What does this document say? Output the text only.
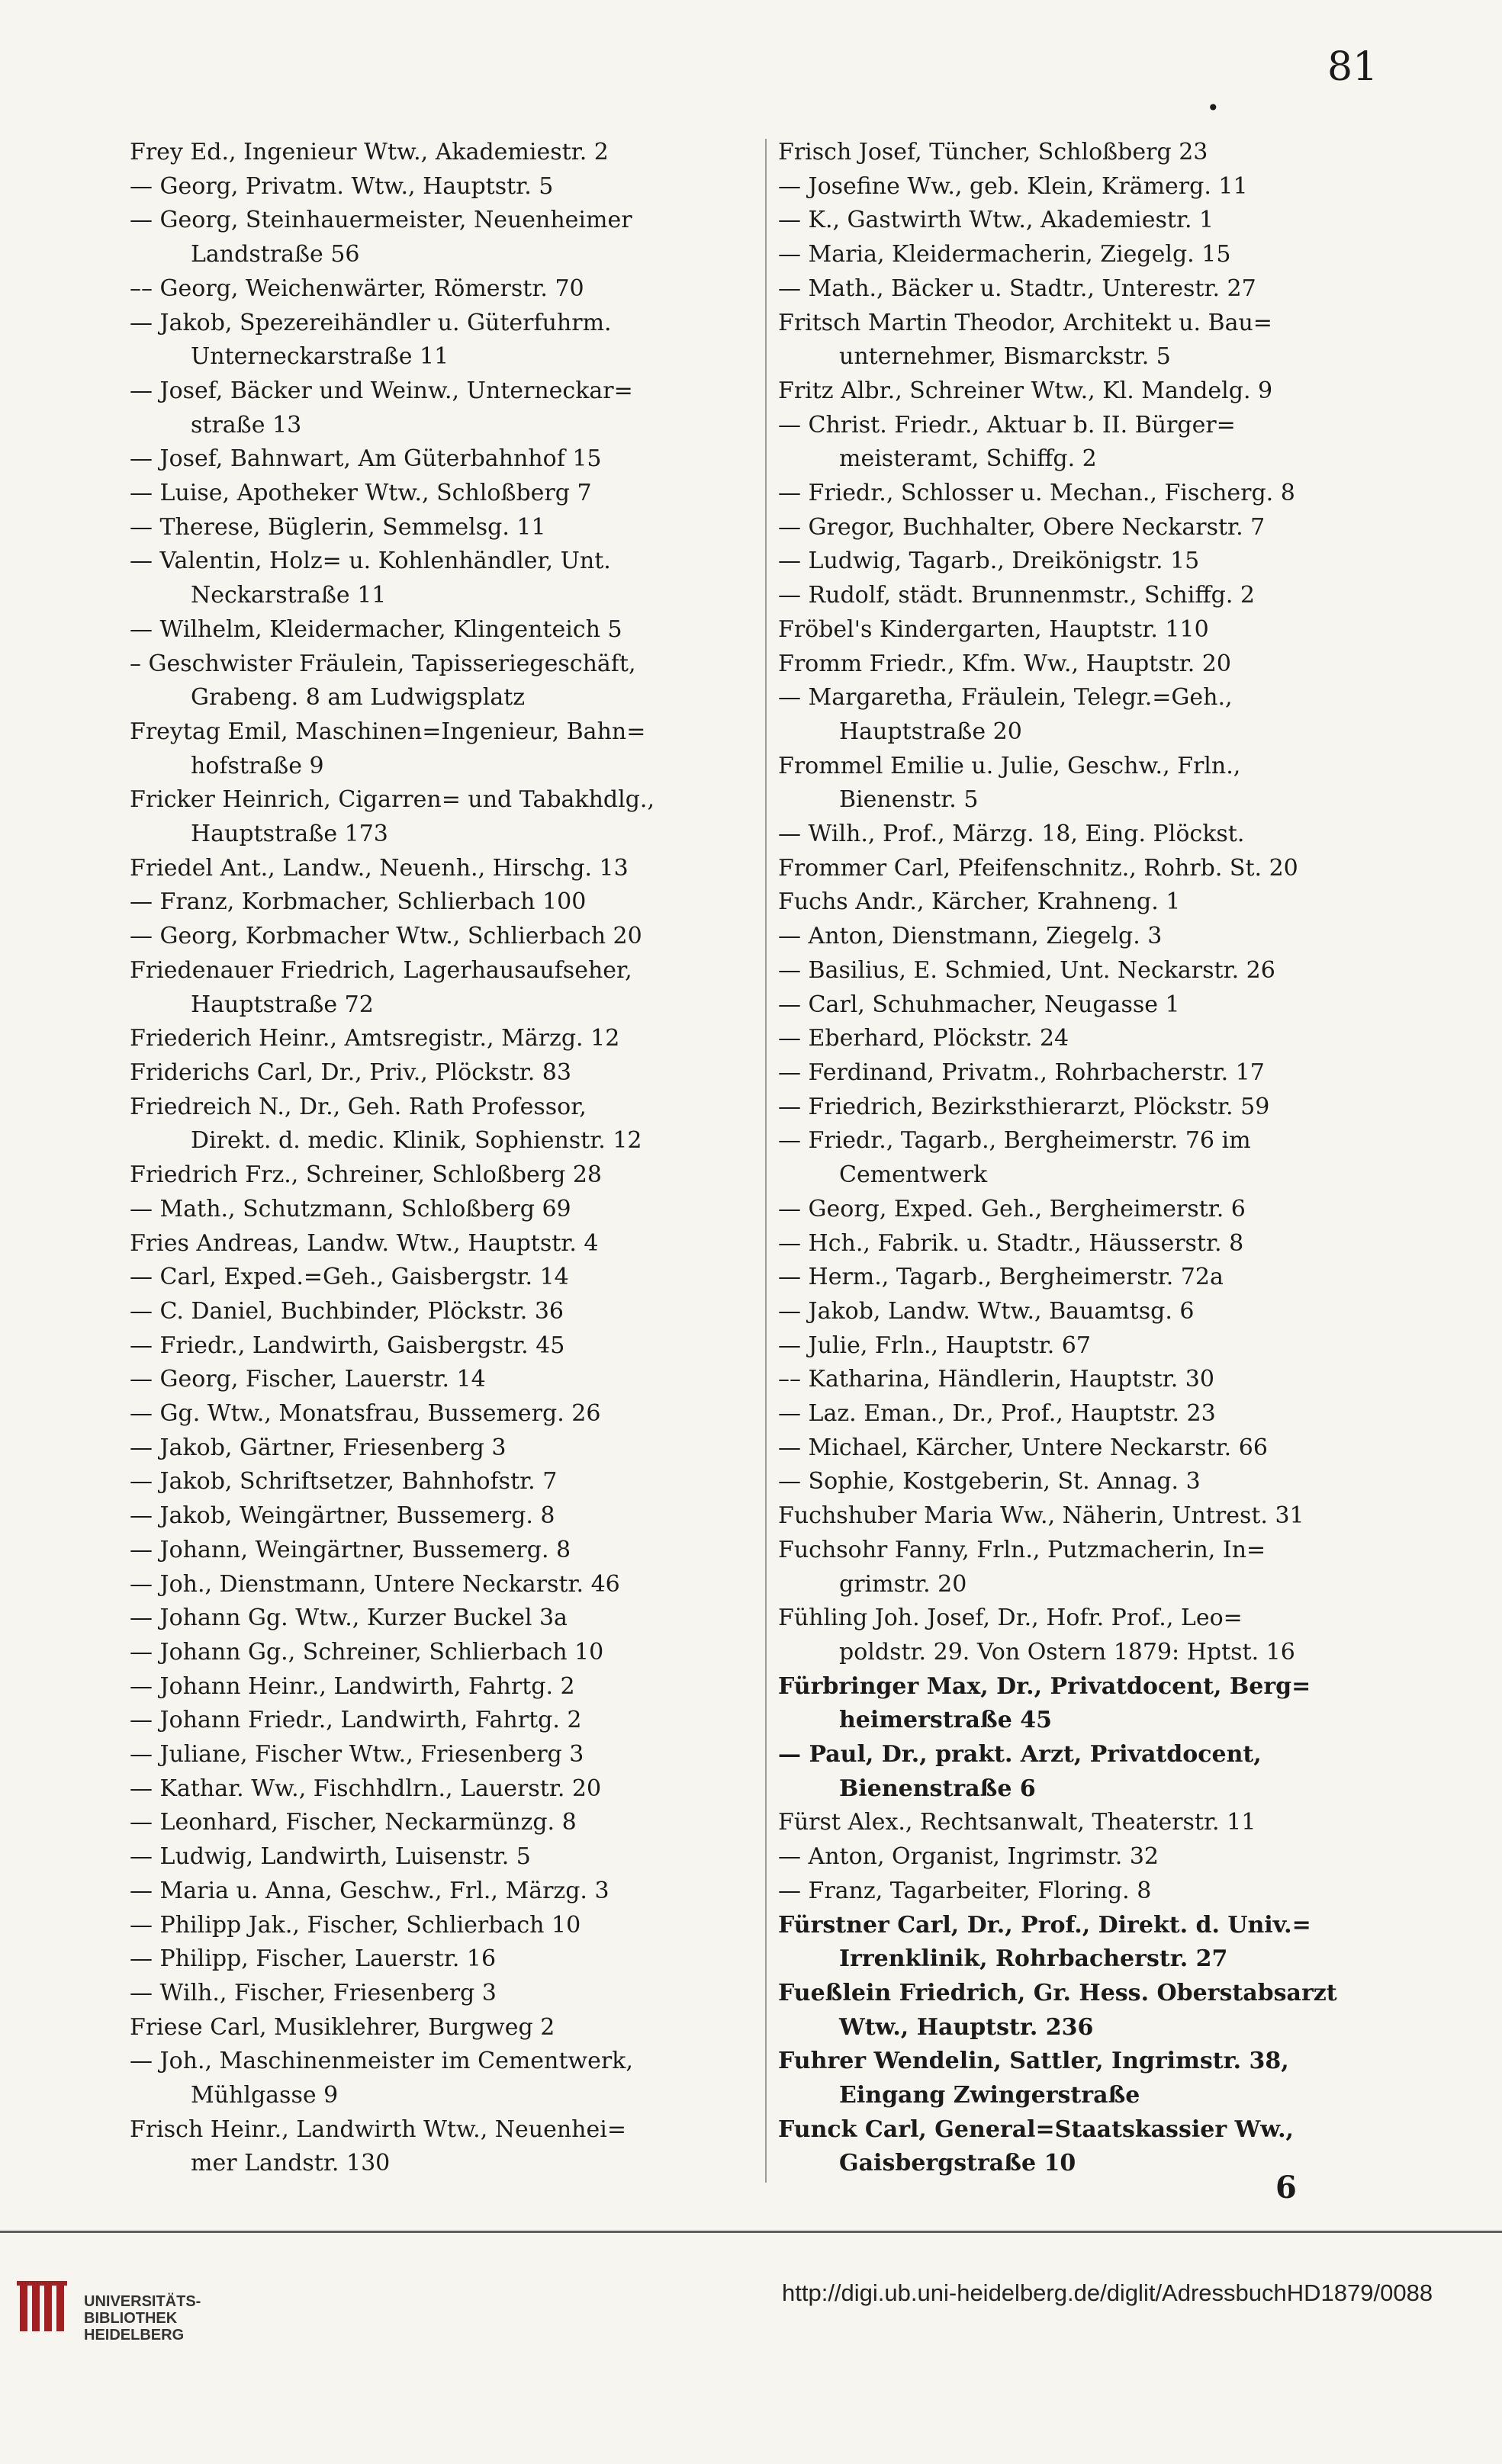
81
•
Frey Ed., Ingenieur Wtw., Akademiestr. 2
— Georg, Privatm. Wtw., Hauptstr. 5
— Georg, Steinhauermeister, Neuenheimer
Landstraße 56
–– Georg, Weichenwärter, Römerstr. 70
— Jakob, Spezereihändler u. Güterfuhrm.
Unterneckarstraße 11
— Josef, Bäcker und Weinw., Unterneckar=
straße 13
— Josef, Bahnwart, Am Güterbahnhof 15
— Luise, Apotheker Wtw., Schloßberg 7
— Therese, Büglerin, Semmelsg. 11
— Valentin, Holz= u. Kohlenhändler, Unt.
Neckarstraße 11
— Wilhelm, Kleidermacher, Klingenteich 5
– Geschwister Fräulein, Tapisseriegeschäft,
Grabeng. 8 am Ludwigsplatz
Freytag Emil, Maschinen=Ingenieur, Bahn=
hofstraße 9
Fricker Heinrich, Cigarren= und Tabakhdlg.,
Hauptstraße 173
Friedel Ant., Landw., Neuenh., Hirschg. 13
— Franz, Korbmacher, Schlierbach 100
— Georg, Korbmacher Wtw., Schlierbach 20
Friedenauer Friedrich, Lagerhausaufseher,
Hauptstraße 72
Friederich Heinr., Amtsregistr., Märzg. 12
Friderichs Carl, Dr., Priv., Plöckstr. 83
Friedreich N., Dr., Geh. Rath Professor,
Direkt. d. medic. Klinik, Sophienstr. 12
Friedrich Frz., Schreiner, Schloßberg 28
— Math., Schutzmann, Schloßberg 69
Fries Andreas, Landw. Wtw., Hauptstr. 4
— Carl, Exped.=Geh., Gaisbergstr. 14
— C. Daniel, Buchbinder, Plöckstr. 36
— Friedr., Landwirth, Gaisbergstr. 45
— Georg, Fischer, Lauerstr. 14
— Gg. Wtw., Monatsfrau, Bussemerg. 26
— Jakob, Gärtner, Friesenberg 3
— Jakob, Schriftsetzer, Bahnhofstr. 7
— Jakob, Weingärtner, Bussemerg. 8
— Johann, Weingärtner, Bussemerg. 8
— Joh., Dienstmann, Untere Neckarstr. 46
— Johann Gg. Wtw., Kurzer Buckel 3a
— Johann Gg., Schreiner, Schlierbach 10
— Johann Heinr., Landwirth, Fahrtg. 2
— Johann Friedr., Landwirth, Fahrtg. 2
— Juliane, Fischer Wtw., Friesenberg 3
— Kathar. Ww., Fischhdlrn., Lauerstr. 20
— Leonhard, Fischer, Neckarmünzg. 8
— Ludwig, Landwirth, Luisenstr. 5
— Maria u. Anna, Geschw., Frl., Märzg. 3
— Philipp Jak., Fischer, Schlierbach 10
— Philipp, Fischer, Lauerstr. 16
— Wilh., Fischer, Friesenberg 3
Friese Carl, Musiklehrer, Burgweg 2
— Joh., Maschinenmeister im Cementwerk,
Mühlgasse 9
Frisch Heinr., Landwirth Wtw., Neuenhei=
mer Landstr. 130
Frisch Josef, Tüncher, Schloßberg 23
— Josefine Ww., geb. Klein, Krämerg. 11
— K., Gastwirth Wtw., Akademiestr. 1
— Maria, Kleidermacherin, Ziegelg. 15
— Math., Bäcker u. Stadtr., Unterestr. 27
Fritsch Martin Theodor, Architekt u. Bau=
unternehmer, Bismarckstr. 5
Fritz Albr., Schreiner Wtw., Kl. Mandelg. 9
— Christ. Friedr., Aktuar b. II. Bürger=
meisteramt, Schiffg. 2
— Friedr., Schlosser u. Mechan., Fischerg. 8
— Gregor, Buchhalter, Obere Neckarstr. 7
— Ludwig, Tagarb., Dreikönigstr. 15
— Rudolf, städt. Brunnenmstr., Schiffg. 2
Fröbel's Kindergarten, Hauptstr. 110
Fromm Friedr., Kfm. Ww., Hauptstr. 20
— Margaretha, Fräulein, Telegr.=Geh.,
Hauptstraße 20
Frommel Emilie u. Julie, Geschw., Frln.,
Bienenstr. 5
— Wilh., Prof., Märzg. 18, Eing. Plöckst.
Frommer Carl, Pfeifenschnitz., Rohrb. St. 20
Fuchs Andr., Kärcher, Krahneng. 1
— Anton, Dienstmann, Ziegelg. 3
— Basilius, E. Schmied, Unt. Neckarstr. 26
— Carl, Schuhmacher, Neugasse 1
— Eberhard, Plöckstr. 24
— Ferdinand, Privatm., Rohrbacherstr. 17
— Friedrich, Bezirksthierarzt, Plöckstr. 59
— Friedr., Tagarb., Bergheimerstr. 76 im
Cementwerk
— Georg, Exped. Geh., Bergheimerstr. 6
— Hch., Fabrik. u. Stadtr., Häusserstr. 8
— Herm., Tagarb., Bergheimerstr. 72a
— Jakob, Landw. Wtw., Bauamtsg. 6
— Julie, Frln., Hauptstr. 67
–– Katharina, Händlerin, Hauptstr. 30
— Laz. Eman., Dr., Prof., Hauptstr. 23
— Michael, Kärcher, Untere Neckarstr. 66
— Sophie, Kostgeberin, St. Annag. 3
Fuchshuber Maria Ww., Näherin, Untrest. 31
Fuchsohr Fanny, Frln., Putzmacherin, In=
grimstr. 20
Fühling Joh. Josef, Dr., Hofr. Prof., Leo=
poldstr. 29. Von Ostern 1879: Hptst. 16
Fürbringer Max, Dr., Privatdocent, Berg=
heimerstraße 45
— Paul, Dr., prakt. Arzt, Privatdocent,
Bienenstraße 6
Fürst Alex., Rechtsanwalt, Theaterstr. 11
— Anton, Organist, Ingrimstr. 32
— Franz, Tagarbeiter, Floring. 8
Fürstner Carl, Dr., Prof., Direkt. d. Univ.=
Irrenklinik, Rohrbacherstr. 27
Fueßlein Friedrich, Gr. Hess. Oberstabsarzt
Wtw., Hauptstr. 236
Fuhrer Wendelin, Sattler, Ingrimstr. 38,
Eingang Zwingerstraße
Funck Carl, General=Staatskassier Ww.,
Gaisbergstraße 10
6
UNIVERSITÄTS-
BIBLIOTHEK
HEIDELBERG
http://digi.ub.uni-heidelberg.de/diglit/AdressbuchHD1879/0088
